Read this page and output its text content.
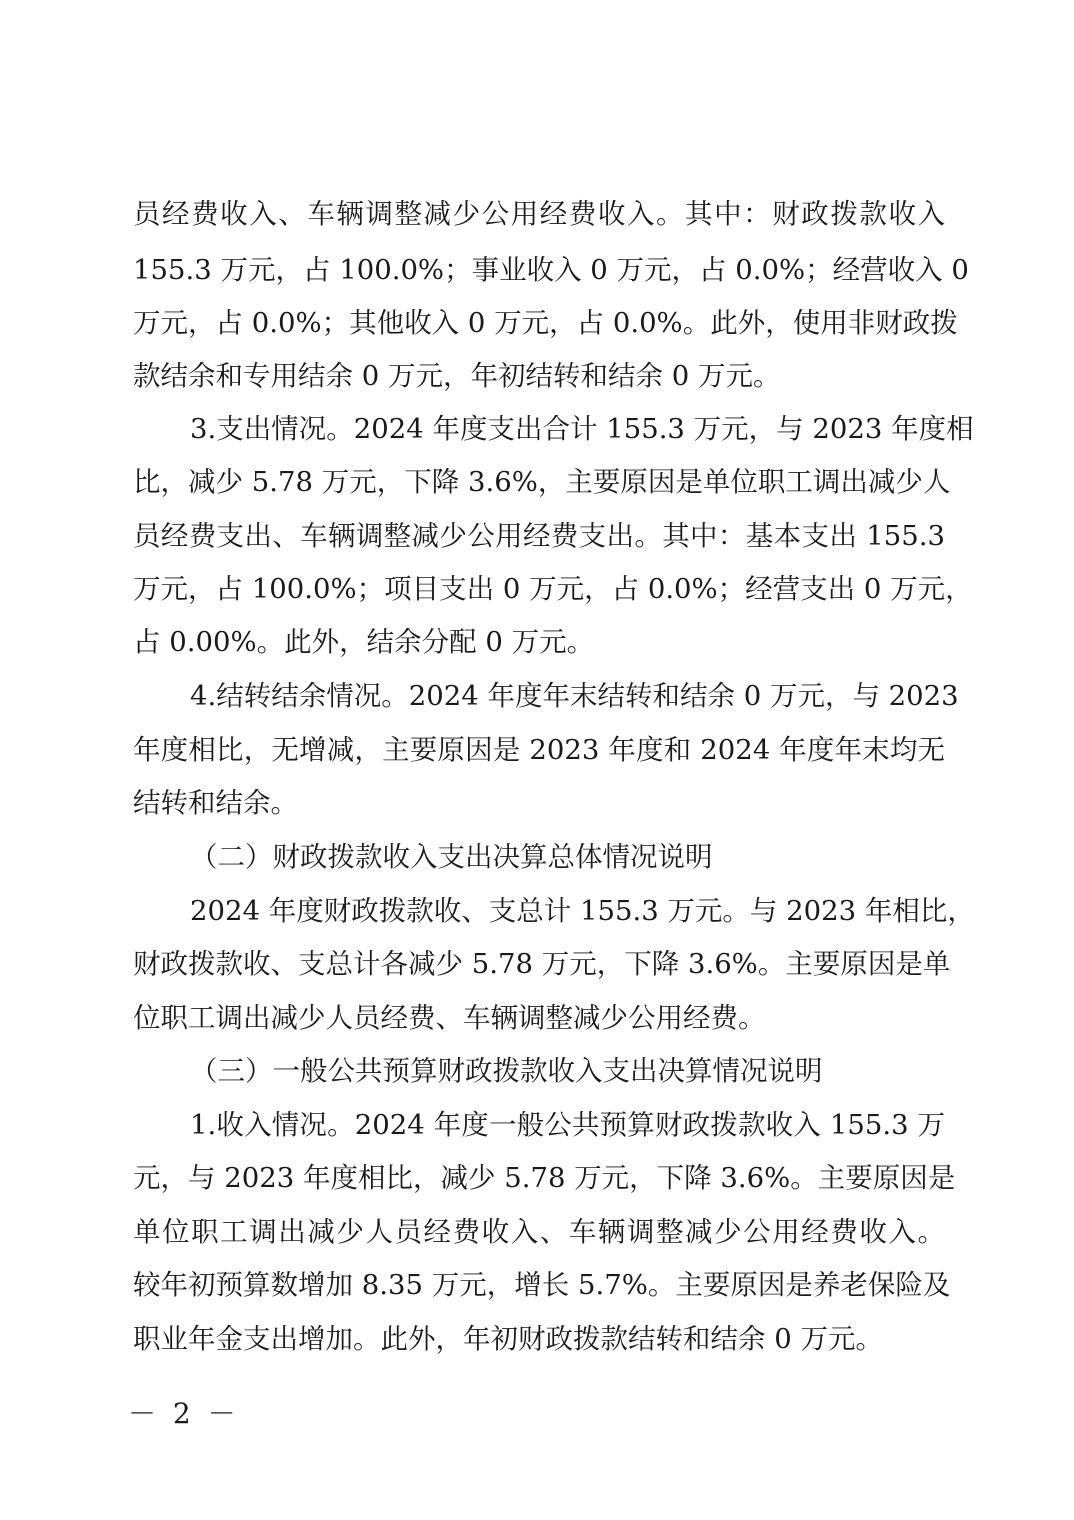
员经费收入、车辆调整减少公用经费收入。其中：财政拨款收入
155.3 万元，占 100.0%；事业收入 0 万元，占 0.0%；经营收入 0
万元，占 0.0%；其他收入 0 万元，占 0.0%。此外，使用非财政拨
款结余和专用结余 0 万元，年初结转和结余 0 万元。
3.支出情况。2024 年度支出合计 155.3 万元，与 2023 年度相
比，减少 5.78 万元，下降 3.6%，主要原因是单位职工调出减少人
员经费支出、车辆调整减少公用经费支出。其中：基本支出 155.3
万元，占 100.0%；项目支出 0 万元，占 0.0%；经营支出 0 万元，
占 0.00%。此外，结余分配 0 万元。
4.结转结余情况。2024 年度年末结转和结余 0 万元，与 2023
年度相比，无增减，主要原因是 2023 年度和 2024 年度年末均无
结转和结余。
（二）财政拨款收入支出决算总体情况说明
2024 年度财政拨款收、支总计 155.3 万元。与 2023 年相比，
财政拨款收、支总计各减少 5.78 万元，下降 3.6%。主要原因是单
位职工调出减少人员经费、车辆调整减少公用经费。
（三）一般公共预算财政拨款收入支出决算情况说明
1.收入情况。2024 年度一般公共预算财政拨款收入 155.3 万
元，与 2023 年度相比，减少 5.78 万元，下降 3.6%。主要原因是
单位职工调出减少人员经费收入、车辆调整减少公用经费收入。
较年初预算数增加 8.35 万元，增长 5.7%。主要原因是养老保险及
职业年金支出增加。此外，年初财政拨款结转和结余 0 万元。
－ 2 －
